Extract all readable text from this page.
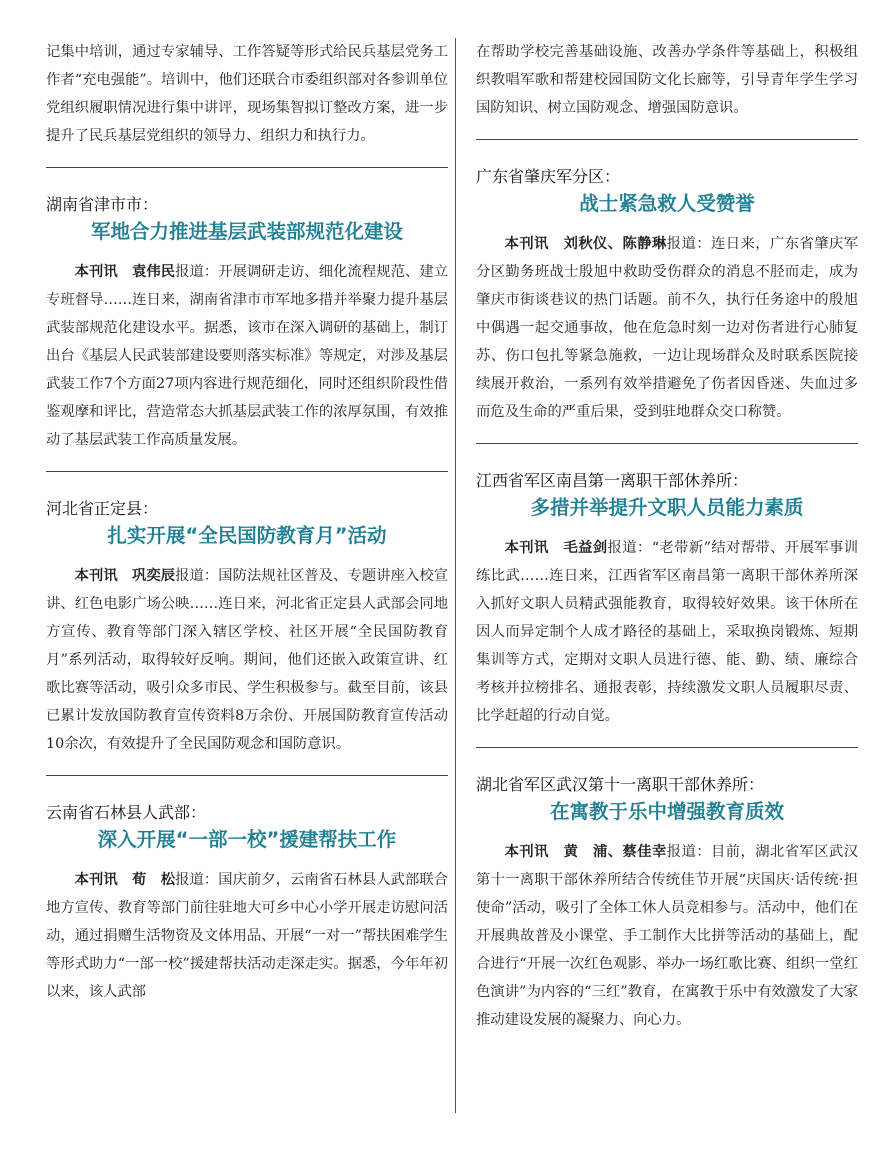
记集中培训，通过专家辅导、工作答疑等形式给民兵基层党务工作者“充电强能”。培训中，他们还联合市委组织部对各参训单位党组织履职情况进行集中讲评，现场集智拟订整改方案，进一步提升了民兵基层党组织的领导力、组织力和执行力。

湖南省津市市：
军地合力推进基层武装部规范化建设

本刊讯　袁伟民报道：开展调研走访、细化流程规范、建立专班督导……连日来，湖南省津市市军地多措并举聚力提升基层武装部规范化建设水平。据悉，该市在深入调研的基础上，制订出台《基层人民武装部建设要则落实标准》等规定，对涉及基层武装工作7个方面27项内容进行规范细化，同时还组织阶段性借鉴观摩和评比，营造常态大抓基层武装工作的浓厚氛围，有效推动了基层武装工作高质量发展。

河北省正定县：
扎实开展“全民国防教育月”活动

本刊讯　巩奕辰报道：国防法规社区普及、专题讲座入校宣讲、红色电影广场公映……连日来，河北省正定县人武部会同地方宣传、教育等部门深入辖区学校、社区开展“全民国防教育月”系列活动，取得较好反响。期间，他们还嵌入政策宣讲、红歌比赛等活动，吸引众多市民、学生积极参与。截至目前，该县已累计发放国防教育宣传资料8万余份、开展国防教育宣传活动10余次，有效提升了全民国防观念和国防意识。

云南省石林县人武部：
深入开展“一部一校”援建帮扶工作

本刊讯　荀　松报道：国庆前夕，云南省石林县人武部联合地方宣传、教育等部门前往驻地大可乡中心小学开展走访慰问活动，通过捐赠生活物资及文体用品、开展“一对一”帮扶困难学生等形式助力“一部一校”援建帮扶活动走深走实。据悉，今年年初以来，该人武部

在帮助学校完善基础设施、改善办学条件等基础上，积极组织教唱军歌和帮建校园国防文化长廊等，引导青年学生学习国防知识、树立国防观念、增强国防意识。

广东省肇庆军分区：
战士紧急救人受赞誉

本刊讯　刘秋仪、陈静琳报道：连日来，广东省肇庆军分区勤务班战士殷旭中救助受伤群众的消息不胫而走，成为肇庆市街谈巷议的热门话题。前不久，执行任务途中的殷旭中偶遇一起交通事故，他在危急时刻一边对伤者进行心肺复苏、伤口包扎等紧急施救，一边让现场群众及时联系医院接续展开救治，一系列有效举措避免了伤者因昏迷、失血过多而危及生命的严重后果，受到驻地群众交口称赞。

江西省军区南昌第一离职干部休养所：
多措并举提升文职人员能力素质

本刊讯　毛益剑报道：“老带新”结对帮带、开展军事训练比武……连日来，江西省军区南昌第一离职干部休养所深入抓好文职人员精武强能教育，取得较好效果。该干休所在因人而异定制个人成才路径的基础上，采取换岗锻炼、短期集训等方式，定期对文职人员进行德、能、勤、绩、廉综合考核并拉榜排名、通报表彰，持续激发文职人员履职尽责、比学赶超的行动自觉。

湖北省军区武汉第十一离职干部休养所：
在寓教于乐中增强教育质效

本刊讯　黄　浦、蔡佳幸报道：目前，湖北省军区武汉第十一离职干部休养所结合传统佳节开展“庆国庆·话传统·担使命”活动，吸引了全体工休人员竞相参与。活动中，他们在开展典故普及小课堂、手工制作大比拼等活动的基础上，配合进行“开展一次红色观影、举办一场红歌比赛、组织一堂红色演讲”为内容的“三红”教育，在寓教于乐中有效激发了大家推动建设发展的凝聚力、向心力。
